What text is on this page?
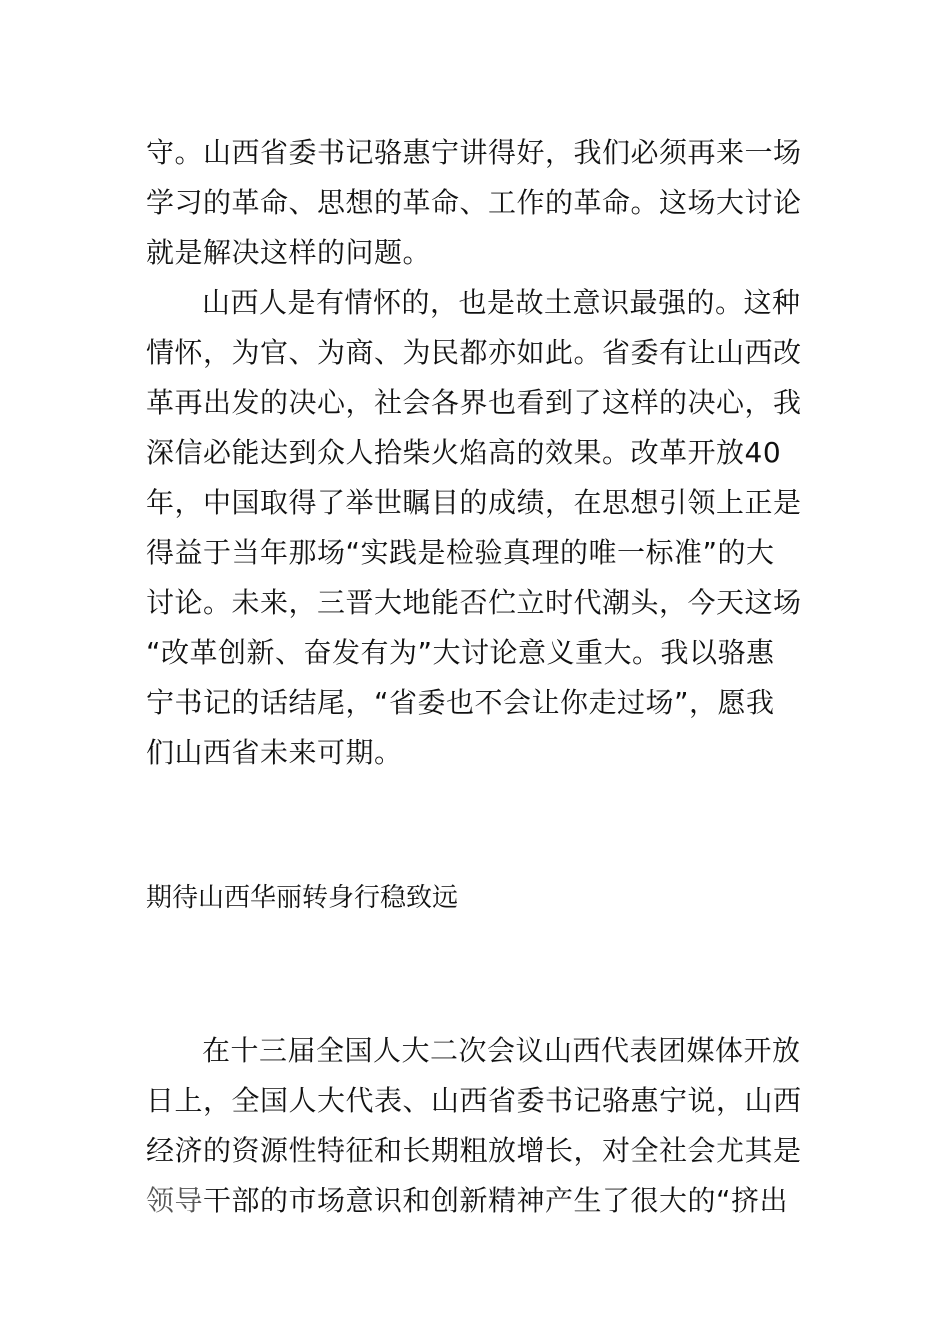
守。山西省委书记骆惠宁讲得好，我们必须再来一场
学习的革命、思想的革命、工作的革命。这场大讨论
就是解决这样的问题。
山西人是有情怀的，也是故土意识最强的。这种
情怀，为官、为商、为民都亦如此。省委有让山西改
革再出发的决心，社会各界也看到了这样的决心，我
深信必能达到众人拾柴火焰高的效果。改革开放40
年，中国取得了举世瞩目的成绩，在思想引领上正是
得益于当年那场“实践是检验真理的唯一标准”的大
讨论。未来，三晋大地能否伫立时代潮头，今天这场
“改革创新、奋发有为”大讨论意义重大。我以骆惠
宁书记的话结尾，“省委也不会让你走过场”，愿我
们山西省未来可期。
期待山西华丽转身行稳致远
在十三届全国人大二次会议山西代表团媒体开放
日上，全国人大代表、山西省委书记骆惠宁说，山西
经济的资源性特征和长期粗放增长，对全社会尤其是
领导干部的市场意识和创新精神产生了很大的“挤出
